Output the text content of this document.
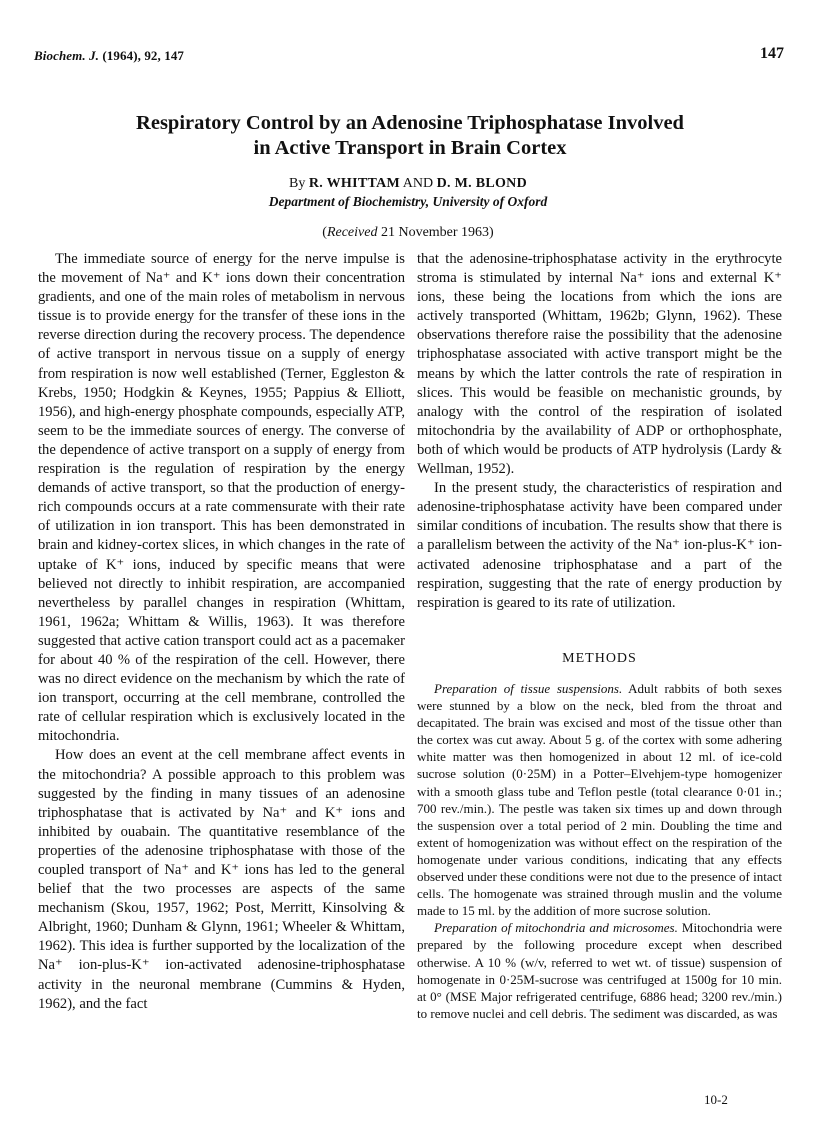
Biochem. J. (1964), 92, 147	147
Respiratory Control by an Adenosine Triphosphatase Involved
in Active Transport in Brain Cortex
By R. WHITTAM AND D. M. BLOND
Department of Biochemistry, University of Oxford
(Received 21 November 1963)

The immediate source of energy for the nerve impulse is the movement of Na⁺ and K⁺ ions down their concentration gradients, and one of the main roles of metabolism in nervous tissue is to provide energy for the transfer of these ions in the reverse direction during the recovery process. The dependence of active transport in nervous tissue on a supply of energy from respiration is now well established (Terner, Eggleston & Krebs, 1950; Hodgkin & Keynes, 1955; Pappius & Elliott, 1956), and high-energy phosphate compounds, especially ATP, seem to be the immediate sources of energy. The converse of the dependence of active transport on a supply of energy from respiration is the regulation of respiration by the energy demands of active transport, so that the production of energy-rich compounds occurs at a rate commensurate with their rate of utilization in ion transport. This has been demonstrated in brain and kidney-cortex slices, in which changes in the rate of uptake of K⁺ ions, induced by specific means that were believed not directly to inhibit respiration, are accompanied nevertheless by parallel changes in respiration (Whittam, 1961, 1962a; Whittam & Willis, 1963). It was therefore suggested that active cation transport could act as a pacemaker for about 40 % of the respiration of the cell. However, there was no direct evidence on the mechanism by which the rate of ion transport, occurring at the cell membrane, controlled the rate of cellular respiration which is exclusively located in the mitochondria.

How does an event at the cell membrane affect events in the mitochondria? A possible approach to this problem was suggested by the finding in many tissues of an adenosine triphosphatase that is activated by Na⁺ and K⁺ ions and inhibited by ouabain. The quantitative resemblance of the properties of the adenosine triphosphatase with those of the coupled transport of Na⁺ and K⁺ ions has led to the general belief that the two processes are aspects of the same mechanism (Skou, 1957, 1962; Post, Merritt, Kinsolving & Albright, 1960; Dunham & Glynn, 1961; Wheeler & Whittam, 1962). This idea is further supported by the localization of the Na⁺ ion-plus-K⁺ ion-activated adenosine-triphosphatase activity in the neuronal membrane (Cummins & Hyden, 1962), and the fact

that the adenosine-triphosphatase activity in the erythrocyte stroma is stimulated by internal Na⁺ ions and external K⁺ ions, these being the locations from which the ions are actively transported (Whittam, 1962b; Glynn, 1962). These observations therefore raise the possibility that the adenosine triphosphatase associated with active transport might be the means by which the latter controls the rate of respiration in slices. This would be feasible on mechanistic grounds, by analogy with the control of the respiration of isolated mitochondria by the availability of ADP or orthophosphate, both of which would be products of ATP hydrolysis (Lardy & Wellman, 1952).

In the present study, the characteristics of respiration and adenosine-triphosphatase activity have been compared under similar conditions of incubation. The results show that there is a parallelism between the activity of the Na⁺ ion-plus-K⁺ ion-activated adenosine triphosphatase and a part of the respiration, suggesting that the rate of energy production by respiration is geared to its rate of utilization.

METHODS

Preparation of tissue suspensions. Adult rabbits of both sexes were stunned by a blow on the neck, bled from the throat and decapitated. The brain was excised and most of the tissue other than the cortex was cut away. About 5 g. of the cortex with some adhering white matter was then homogenized in about 12 ml. of ice-cold sucrose solution (0·25M) in a Potter–Elvehjem-type homogenizer with a smooth glass tube and Teflon pestle (total clearance 0·01 in.; 700 rev./min.). The pestle was taken six times up and down through the suspension over a total period of 2 min. Doubling the time and extent of homogenization was without effect on the respiration of the homogenate under various conditions, indicating that any effects observed under these conditions were not due to the presence of intact cells. The homogenate was strained through muslin and the volume made to 15 ml. by the addition of more sucrose solution.

Preparation of mitochondria and microsomes. Mitochondria were prepared by the following procedure except when described otherwise. A 10 % (w/v, referred to wet wt. of tissue) suspension of homogenate in 0·25M-sucrose was centrifuged at 1500g for 10 min. at 0° (MSE Major refrigerated centrifuge, 6886 head; 3200 rev./min.) to remove nuclei and cell debris. The sediment was discarded, as was

10-2
